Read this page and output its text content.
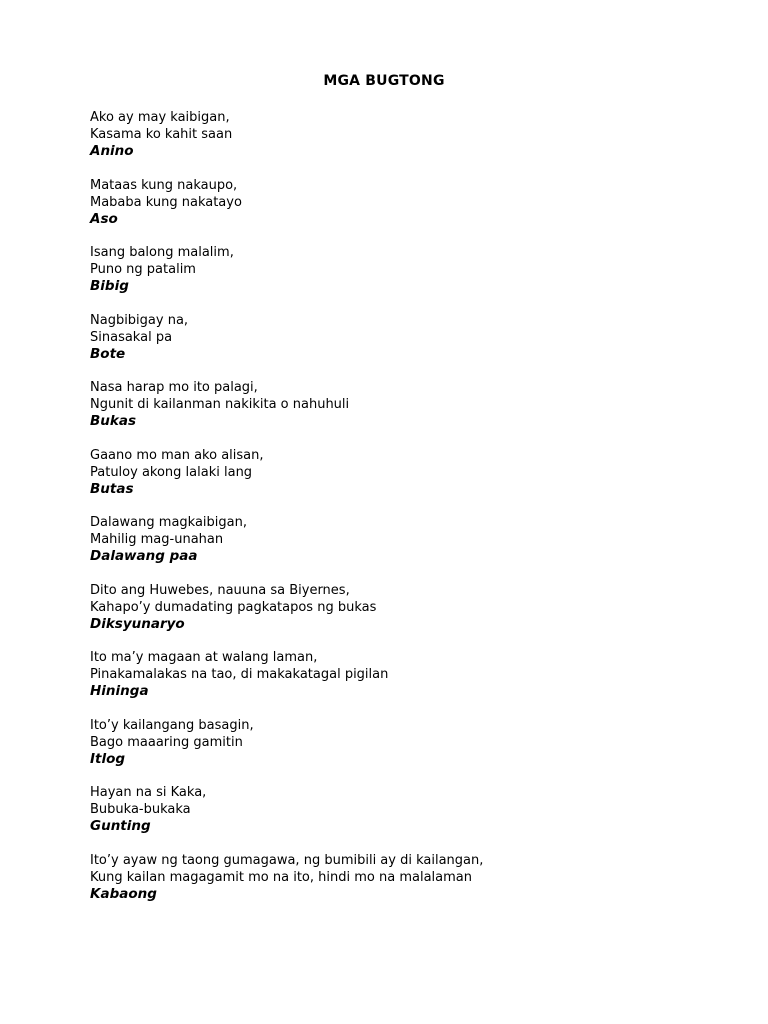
MGA BUGTONG
Ako ay may kaibigan,
Kasama ko kahit saan
Anino
Mataas kung nakaupo,
Mababa kung nakatayo
Aso
Isang balong malalim,
Puno ng patalim
Bibig
Nagbibigay na,
Sinasakal pa
Bote
Nasa harap mo ito palagi,
Ngunit di kailanman nakikita o nahuhuli
Bukas
Gaano mo man ako alisan,
Patuloy akong lalaki lang
Butas
Dalawang magkaibigan,
Mahilig mag-unahan
Dalawang paa
Dito ang Huwebes, nauuna sa Biyernes,
Kahapo’y dumadating pagkatapos ng bukas
Diksyunaryo
Ito ma’y magaan at walang laman,
Pinakamalakas na tao, di makakatagal pigilan
Hininga
Ito’y kailangang basagin,
Bago maaaring gamitin
Itlog
Hayan na si Kaka,
Bubuka-bukaka
Gunting
Ito’y ayaw ng taong gumagawa, ng bumibili ay di kailangan,
Kung kailan magagamit mo na ito, hindi mo na malalaman
Kabaong
